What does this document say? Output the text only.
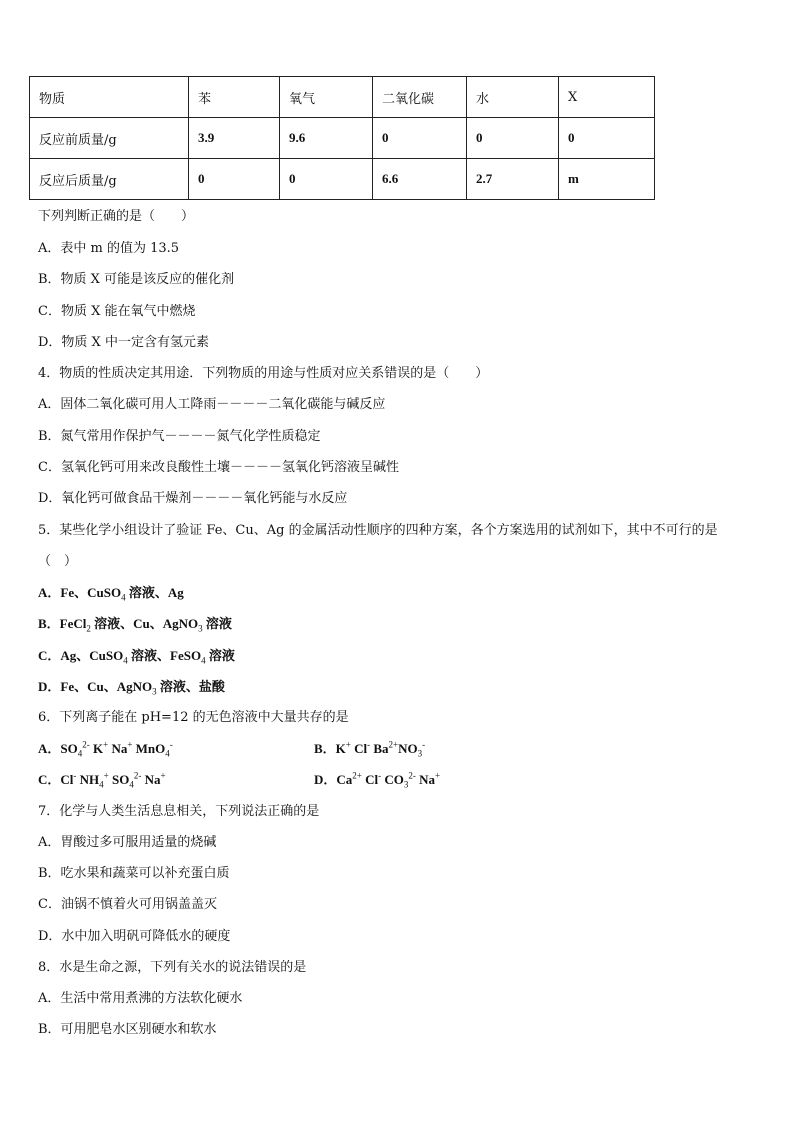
物质	苯	氧气	二氧化碳	水	X
反应前质量/g	3.9	9.6	0	0	0
反应后质量/g	0	0	6.6	2.7	m
下列判断正确的是（　　）
A．表中 m 的值为 13.5
B．物质 X 可能是该反应的催化剂
C．物质 X 能在氧气中燃烧
D．物质 X 中一定含有氢元素
4．物质的性质决定其用途．下列物质的用途与性质对应关系错误的是（　　）
A．固体二氧化碳可用人工降雨－－－－二氧化碳能与碱反应
B．氮气常用作保护气－－－－氮气化学性质稳定
C．氢氧化钙可用来改良酸性土壤－－－－氢氧化钙溶液呈碱性
D．氧化钙可做食品干燥剂－－－－氧化钙能与水反应
5．某些化学小组设计了验证 Fe、Cu、Ag 的金属活动性顺序的四种方案，各个方案选用的试剂如下，其中不可行的是
（　）
A．Fe、CuSO$_4$ 溶液、Ag
B．FeCl$_2$ 溶液、Cu、AgNO$_3$ 溶液
C．Ag、CuSO$_4$ 溶液、FeSO$_4$ 溶液
D．Fe、Cu、AgNO$_3$ 溶液、盐酸
6．下列离子能在 pH=12 的无色溶液中大量共存的是
A．$SO_4^{2-}$ K+ Na+ MnO$_4$-	B．K+ Cl- $Ba^{2+}NO_3^-$
C．Cl- $NH_4^+$ $SO_4^{2-}$ Na+	D．$Ca^{2+}$ Cl- $CO_3^{2-}$ Na+
7．化学与人类生活息息相关，下列说法正确的是
A．胃酸过多可服用适量的烧碱
B．吃水果和蔬菜可以补充蛋白质
C．油锅不慎着火可用锅盖盖灭
D．水中加入明矾可降低水的硬度
8．水是生命之源，下列有关水的说法错误的是
A．生活中常用煮沸的方法软化硬水
B．可用肥皂水区别硬水和软水
